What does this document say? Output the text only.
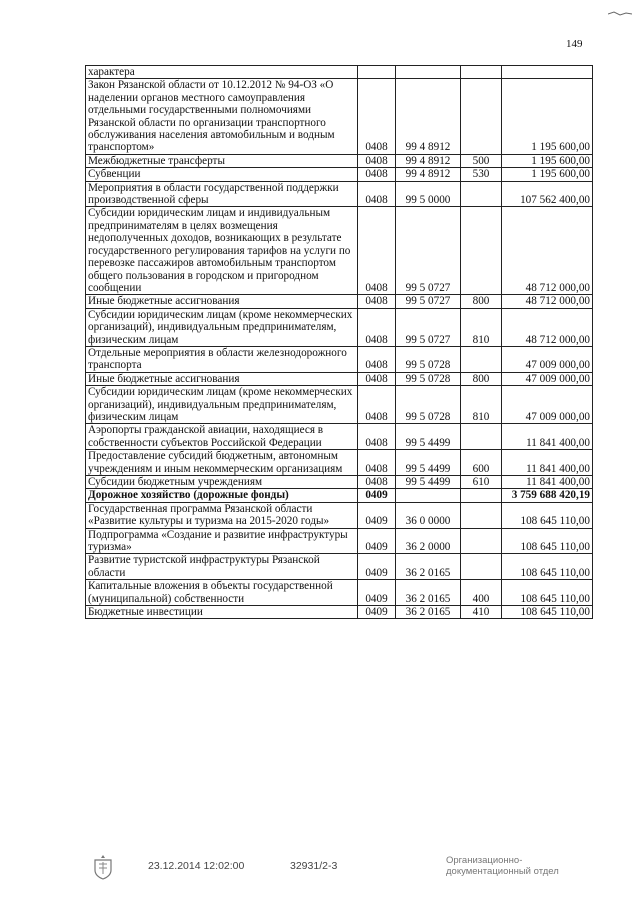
149
характера				
Закон Рязанской области от 10.12.2012 № 94-ОЗ «О наделении органов местного самоуправления отдельными государственными полномочиями Рязанской области по организации транспортного обслуживания населения автомобильным и водным транспортом»	0408	99 4 8912		1 195 600,00
Межбюджетные трансферты	0408	99 4 8912	500	1 195 600,00
Субвенции	0408	99 4 8912	530	1 195 600,00
Мероприятия в области государственной поддержки производственной сферы	0408	99 5 0000		107 562 400,00
Субсидии юридическим лицам и индивидуальным предпринимателям в целях возмещения недополученных доходов, возникающих в результате государственного регулирования тарифов на услуги по перевозке пассажиров автомобильным транспортом общего пользования в городском и пригородном сообщении	0408	99 5 0727		48 712 000,00
Иные бюджетные ассигнования	0408	99 5 0727	800	48 712 000,00
Субсидии юридическим лицам (кроме некоммерческих организаций), индивидуальным предпринимателям, физическим лицам	0408	99 5 0727	810	48 712 000,00
Отдельные мероприятия в области железнодорожного транспорта	0408	99 5 0728		47 009 000,00
Иные бюджетные ассигнования	0408	99 5 0728	800	47 009 000,00
Субсидии юридическим лицам (кроме некоммерческих организаций), индивидуальным предпринимателям, физическим лицам	0408	99 5 0728	810	47 009 000,00
Аэропорты гражданской авиации, находящиеся в собственности субъектов Российской Федерации	0408	99 5 4499		11 841 400,00
Предоставление субсидий бюджетным, автономным учреждениям и иным некоммерческим организациям	0408	99 5 4499	600	11 841 400,00
Субсидии бюджетным учреждениям	0408	99 5 4499	610	11 841 400,00
Дорожное хозяйство (дорожные фонды)	0409			3 759 688 420,19
Государственная программа Рязанской области «Развитие культуры и туризма на 2015-2020 годы»	0409	36 0 0000		108 645 110,00
Подпрограмма «Создание и развитие инфраструктуры туризма»	0409	36 2 0000		108 645 110,00
Развитие туристской инфраструктуры Рязанской области	0409	36 2 0165		108 645 110,00
Капитальные вложения в объекты государственной (муниципальной) собственности	0409	36 2 0165	400	108 645 110,00
Бюджетные инвестиции	0409	36 2 0165	410	108 645 110,00
23.12.2014 12:02:00	32931/2-3	Организационно-
документационный отдел
